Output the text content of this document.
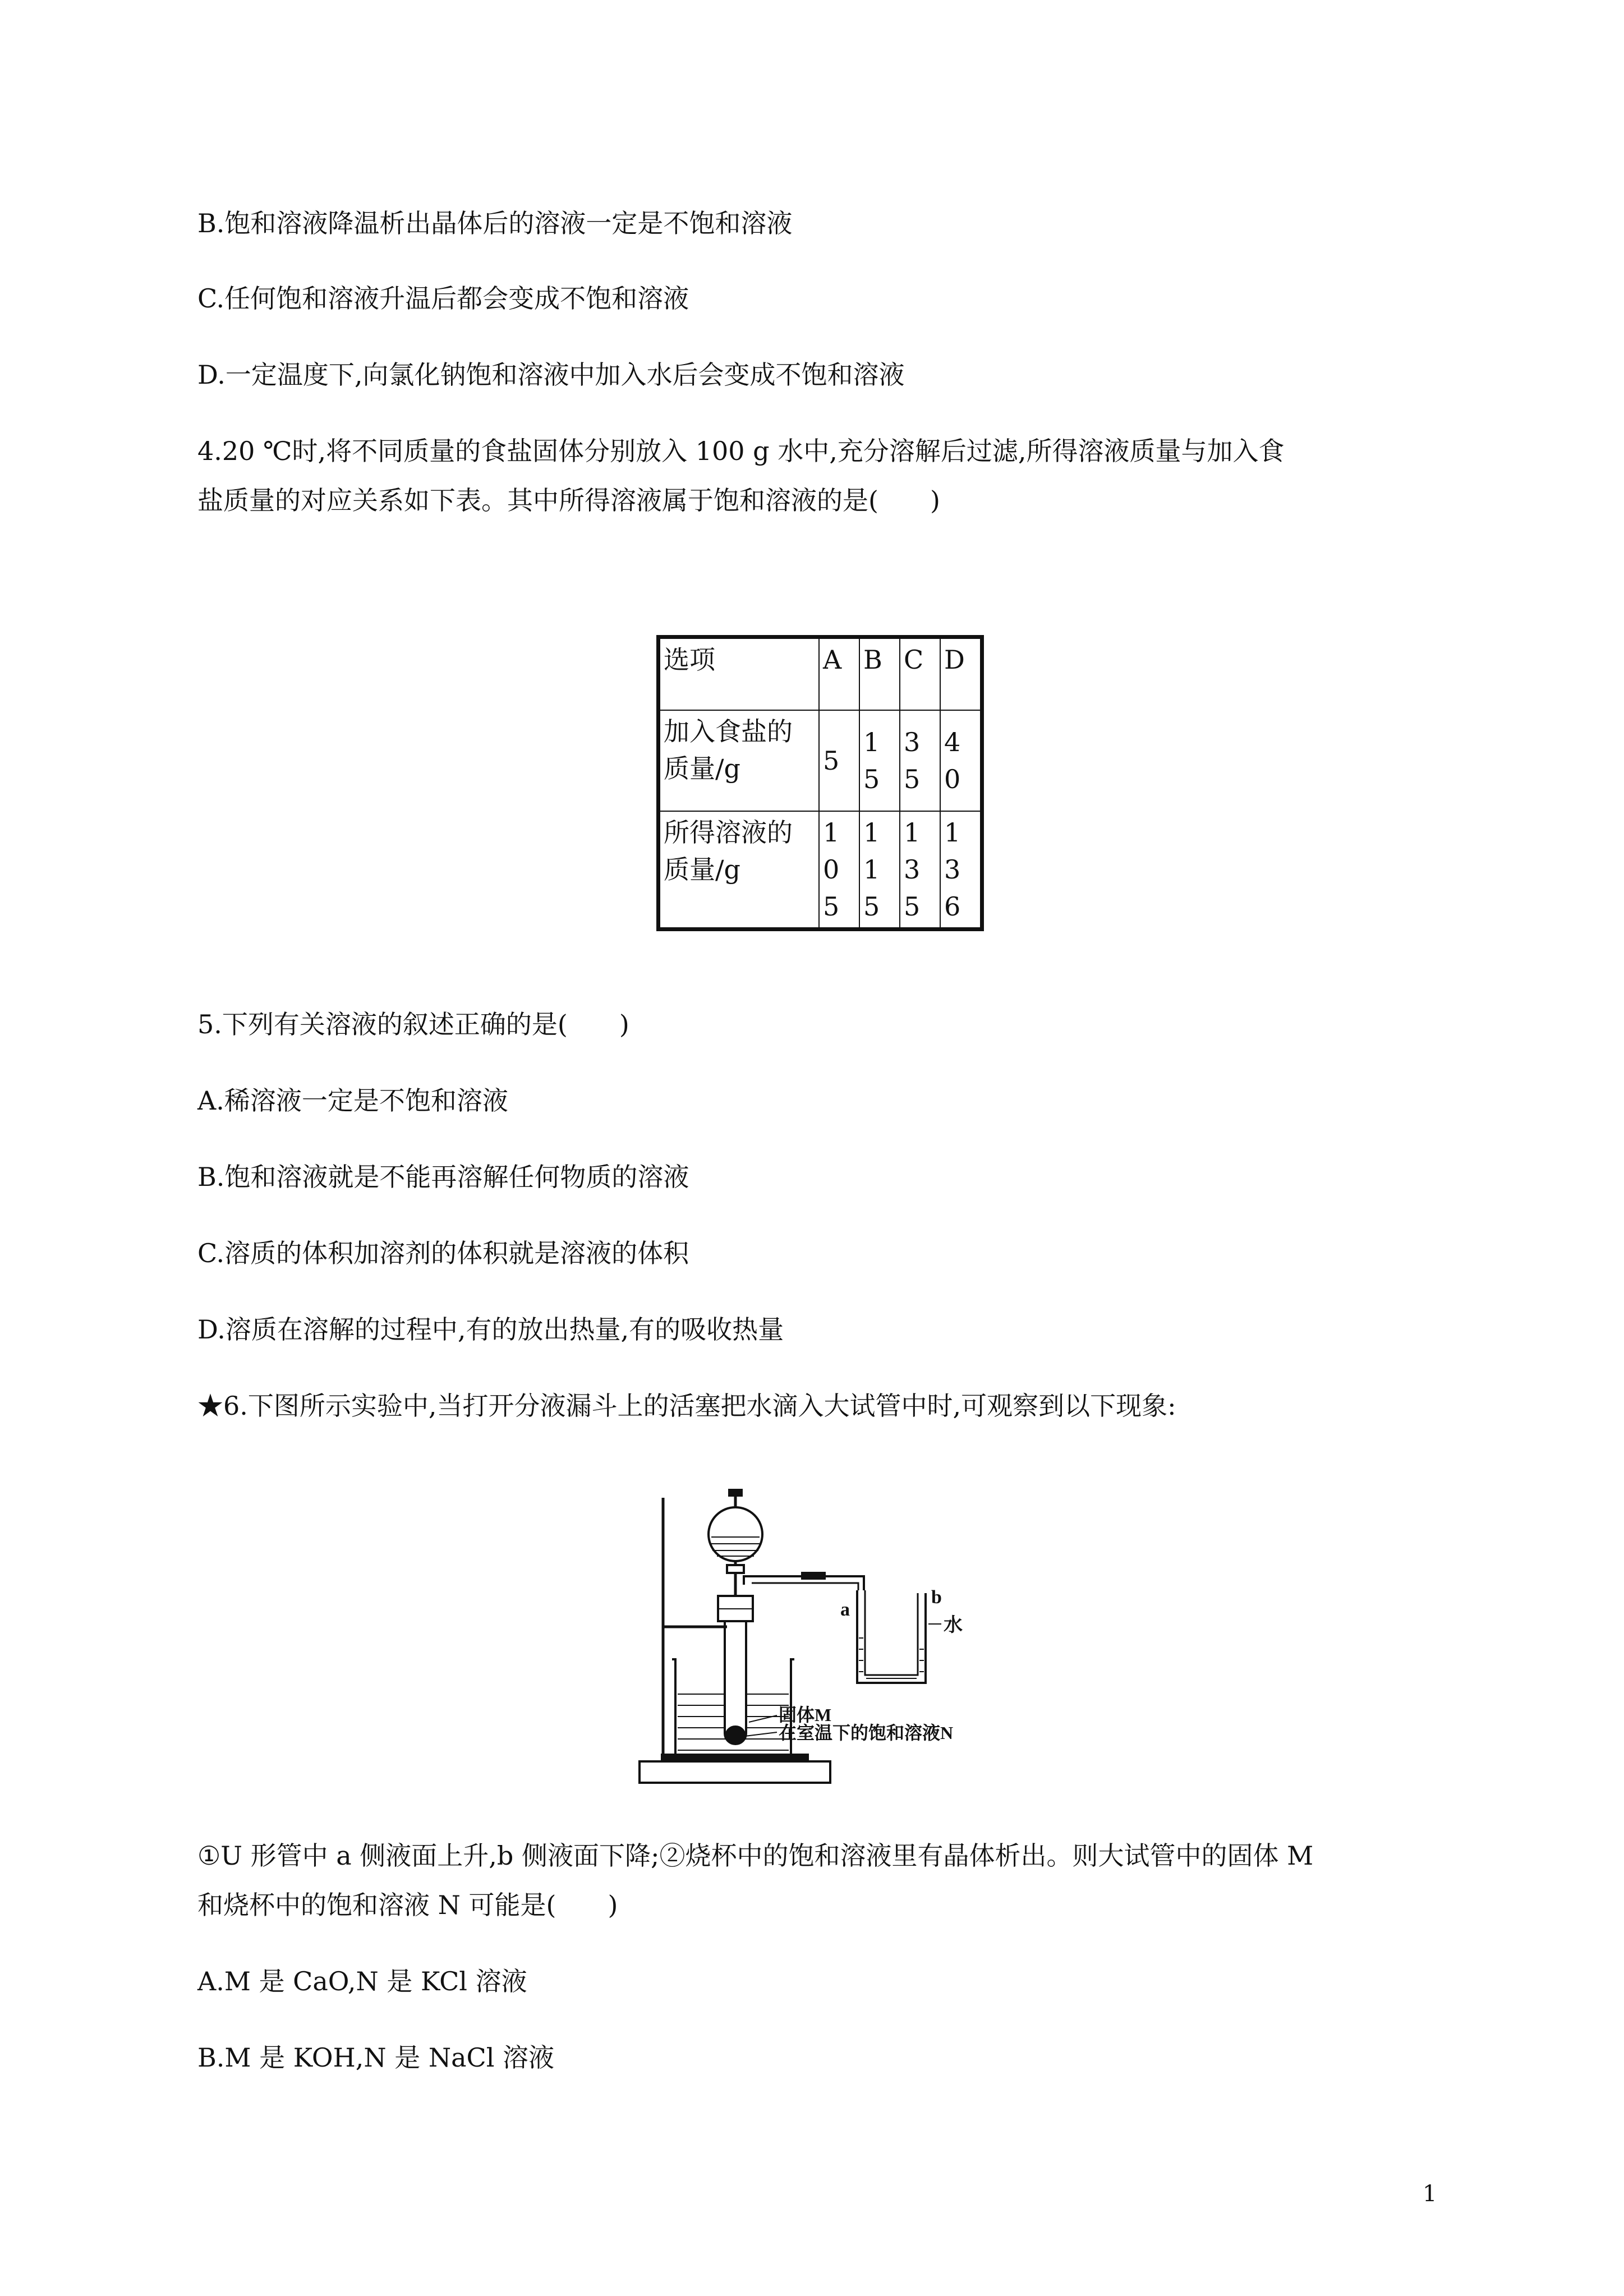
B.饱和溶液降温析出晶体后的溶液一定是不饱和溶液
C.任何饱和溶液升温后都会变成不饱和溶液
D.一定温度下,向氯化钠饱和溶液中加入水后会变成不饱和溶液
4.20 ℃时,将不同质量的食盐固体分别放入 100 g 水中,充分溶解后过滤,所得溶液质量与加入食
盐质量的对应关系如下表。其中所得溶液属于饱和溶液的是(　　)
选项	A	B	C	D
加入食盐的质量/g	5	15	35	40
所得溶液的质量/g	105	115	135	136
5.下列有关溶液的叙述正确的是(　　)
A.稀溶液一定是不饱和溶液
B.饱和溶液就是不能再溶解任何物质的溶液
C.溶质的体积加溶剂的体积就是溶液的体积
D.溶质在溶解的过程中,有的放出热量,有的吸收热量
★6.下图所示实验中,当打开分液漏斗上的活塞把水滴入大试管中时,可观察到以下现象:
a
b
水
固体M
在室温下的饱和溶液N
①U 形管中 a 侧液面上升,b 侧液面下降;②烧杯中的饱和溶液里有晶体析出。则大试管中的固体 M
和烧杯中的饱和溶液 N 可能是(　　)
A.M 是 CaO,N 是 KCl 溶液
B.M 是 KOH,N 是 NaCl 溶液
1
